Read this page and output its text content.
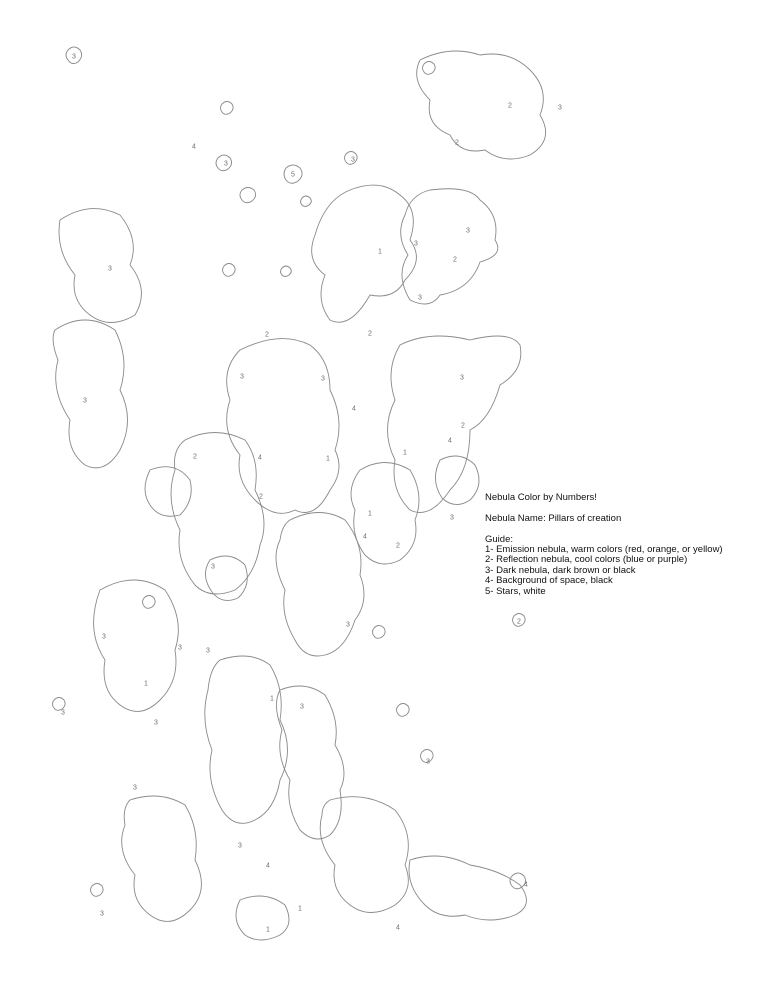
3
4
3
5
3
3
3
3
3
2
1
3
2
3
3
2
3
2
4
4
4	1
1
2
2
1
3
4
2
3
3
3	3
3
1
3
3
1
3
3
3
4
3
1
1
4
2
3
2
2
3
4
Nebula Color by Numbers!
Nebula Name: Pillars of creation
Guide:
1- Emission nebula, warm colors (red, orange, or yellow)
2- Reflection nebula, cool colors (blue or purple)
3- Dark nebula, dark brown or black
4- Background of space, black
5- Stars, white
